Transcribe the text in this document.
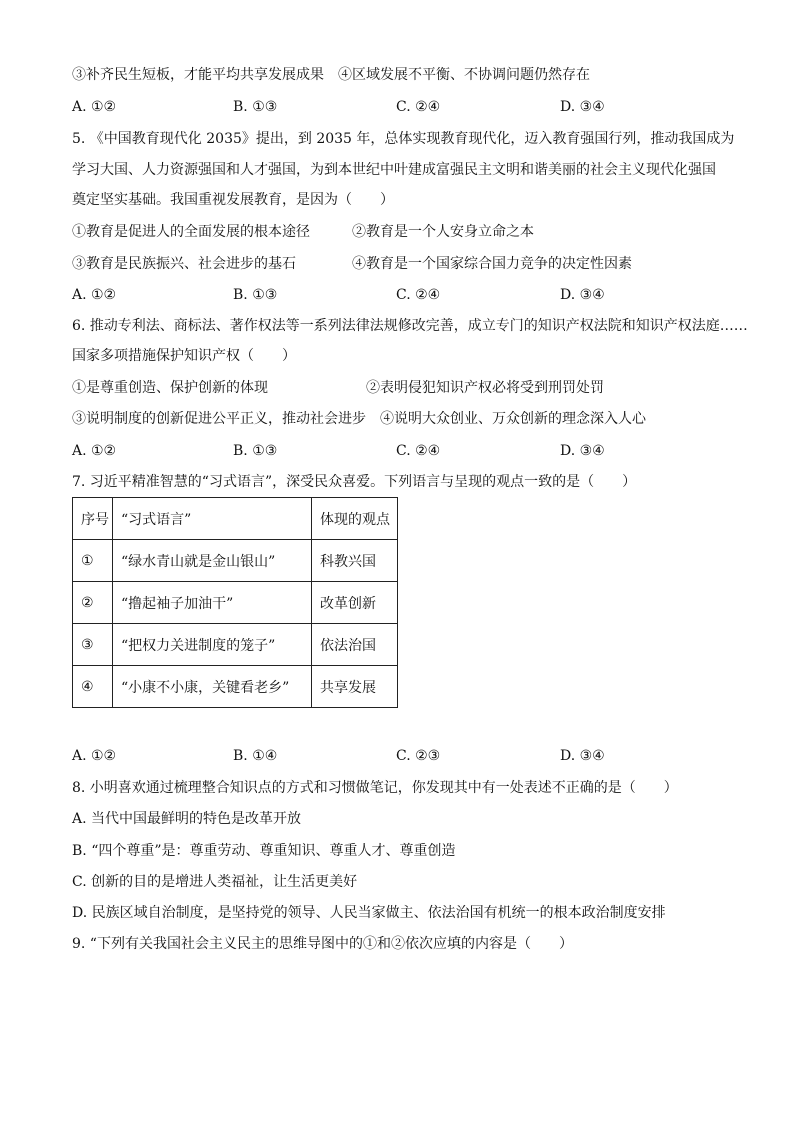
③补齐民生短板，才能平均共享发展成果　④区域发展不平衡、不协调问题仍然存在
A. ①②	B. ①③	C. ②④	D. ③④
5. 《中国教育现代化 2035》提出，到 2035 年，总体实现教育现代化，迈入教育强国行列，推动我国成为
学习大国、人力资源强国和人才强国，为到本世纪中叶建成富强民主文明和谐美丽的社会主义现代化强国
奠定坚实基础。我国重视发展教育，是因为（　　）
①教育是促进人的全面发展的根本途径　　　②教育是一个人安身立命之本
③教育是民族振兴、社会进步的基石　　　　④教育是一个国家综合国力竞争的决定性因素
A. ①②	B. ①③	C. ②④	D. ③④
6. 推动专利法、商标法、著作权法等一系列法律法规修改完善，成立专门的知识产权法院和知识产权法庭……
国家多项措施保护知识产权（　　）
①是尊重创造、保护创新的体现　　　　　　　②表明侵犯知识产权必将受到刑罚处罚
③说明制度的创新促进公平正义，推动社会进步　④说明大众创业、万众创新的理念深入人心
A. ①②	B. ①③	C. ②④	D. ③④
7. 习近平精准智慧的“习式语言”，深受民众喜爱。下列语言与呈现的观点一致的是（　　）
序号	“习式语言”	体现的观点
①	“绿水青山就是金山银山”	科教兴国
②	“撸起袖子加油干”	改革创新
③	“把权力关进制度的笼子”	依法治国
④	“小康不小康，关键看老乡”	共享发展
A. ①②	B. ①④	C. ②③	D. ③④
8. 小明喜欢通过梳理整合知识点的方式和习惯做笔记，你发现其中有一处表述不正确的是（　　）
A. 当代中国最鲜明的特色是改革开放
B. “四个尊重”是：尊重劳动、尊重知识、尊重人才、尊重创造
C. 创新的目的是增进人类福祉，让生活更美好
D. 民族区域自治制度，是坚持党的领导、人民当家做主、依法治国有机统一的根本政治制度安排
9. “下列有关我国社会主义民主的思维导图中的①和②依次应填的内容是（　　）
